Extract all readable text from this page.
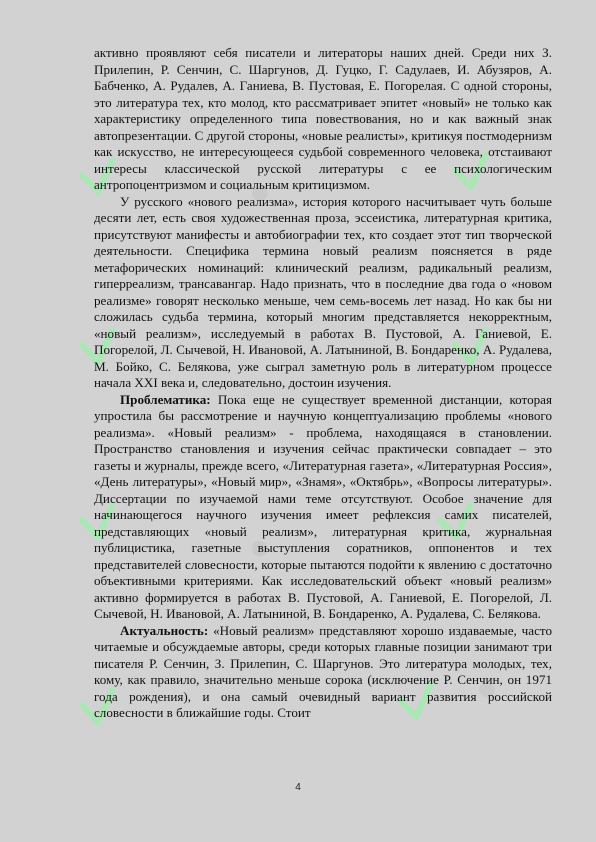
•
•
•

активно проявляют себя писатели и литераторы наших дней. Среди них З. Прилепин, Р. Сенчин, С. Шаргунов, Д. Гуцко, Г. Садулаев, И. Абузяров, А. Бабченко, А. Рудалев, А. Ганиева, В. Пустовая, Е. Погорелая. С одной стороны, это литература тех, кто молод, кто рассматривает эпитет «новый» не только как характеристику определенного типа повествования, но и как важный знак автопрезентации. С другой стороны, «новые реалисты», критикуя постмодернизм как искусство, не интересующееся судьбой современного человека, отстаивают интересы классической русской литературы с ее психологическим антропоцентризмом и социальным критицизмом.

У русского «нового реализма», история которого насчитывает чуть больше десяти лет, есть своя художественная проза, эссеистика, литературная критика, присутствуют манифесты и автобиографии тех, кто создает этот тип творческой деятельности. Специфика термина новый реализм поясняется в ряде метафорических номинаций: клинический реализм, радикальный реализм, гиперреализм, трансавангар. Надо признать, что в последние два года о «новом реализме» говорят несколько меньше, чем семь-восемь лет назад. Но как бы ни сложилась судьба термина, который многим представляется некорректным, «новый реализм», исследуемый в работах В. Пустовой, А. Ганиевой, Е. Погорелой, Л. Сычевой, Н. Ивановой, А. Латыниной, В. Бондаренко, А. Рудалева, М. Бойко, С. Белякова, уже сыграл заметную роль в литературном процессе начала XXI века и, следовательно, достоин изучения.

Проблематика: Пока еще не существует временной дистанции, которая упростила бы рассмотрение и научную концептуализацию проблемы «нового реализма». «Новый реализм» - проблема, находящаяся в становлении. Пространство становления и изучения сейчас практически совпадает – это газеты и журналы, прежде всего, «Литературная газета», «Литературная Россия», «День литературы», «Новый мир», «Знамя», «Октябрь», «Вопросы литературы». Диссертации по изучаемой нами теме отсутствуют. Особое значение для начинающегося научного изучения имеет рефлексия самих писателей, представляющих «новый реализм», литературная критика, журнальная публицистика, газетные выступления соратников, оппонентов и тех представителей словесности, которые пытаются подойти к явлению с достаточно объективными критериями. Как исследовательский объект «новый реализм» активно формируется в работах В. Пустовой, А. Ганиевой, Е. Погорелой, Л. Сычевой, Н. Ивановой, А. Латыниной, В. Бондаренко, А. Рудалева, С. Белякова.

Актуальность: «Новый реализм» представляют хорошо издаваемые, часто читаемые и обсуждаемые авторы, среди которых главные позиции занимают три писателя Р. Сенчин, З. Прилепин, С. Шаргунов. Это литература молодых, тех, кому, как правило, значительно меньше сорока (исключение Р. Сенчин, он 1971 года рождения), и она самый очевидный вариант развития российской словесности в ближайшие годы. Стоит

4
